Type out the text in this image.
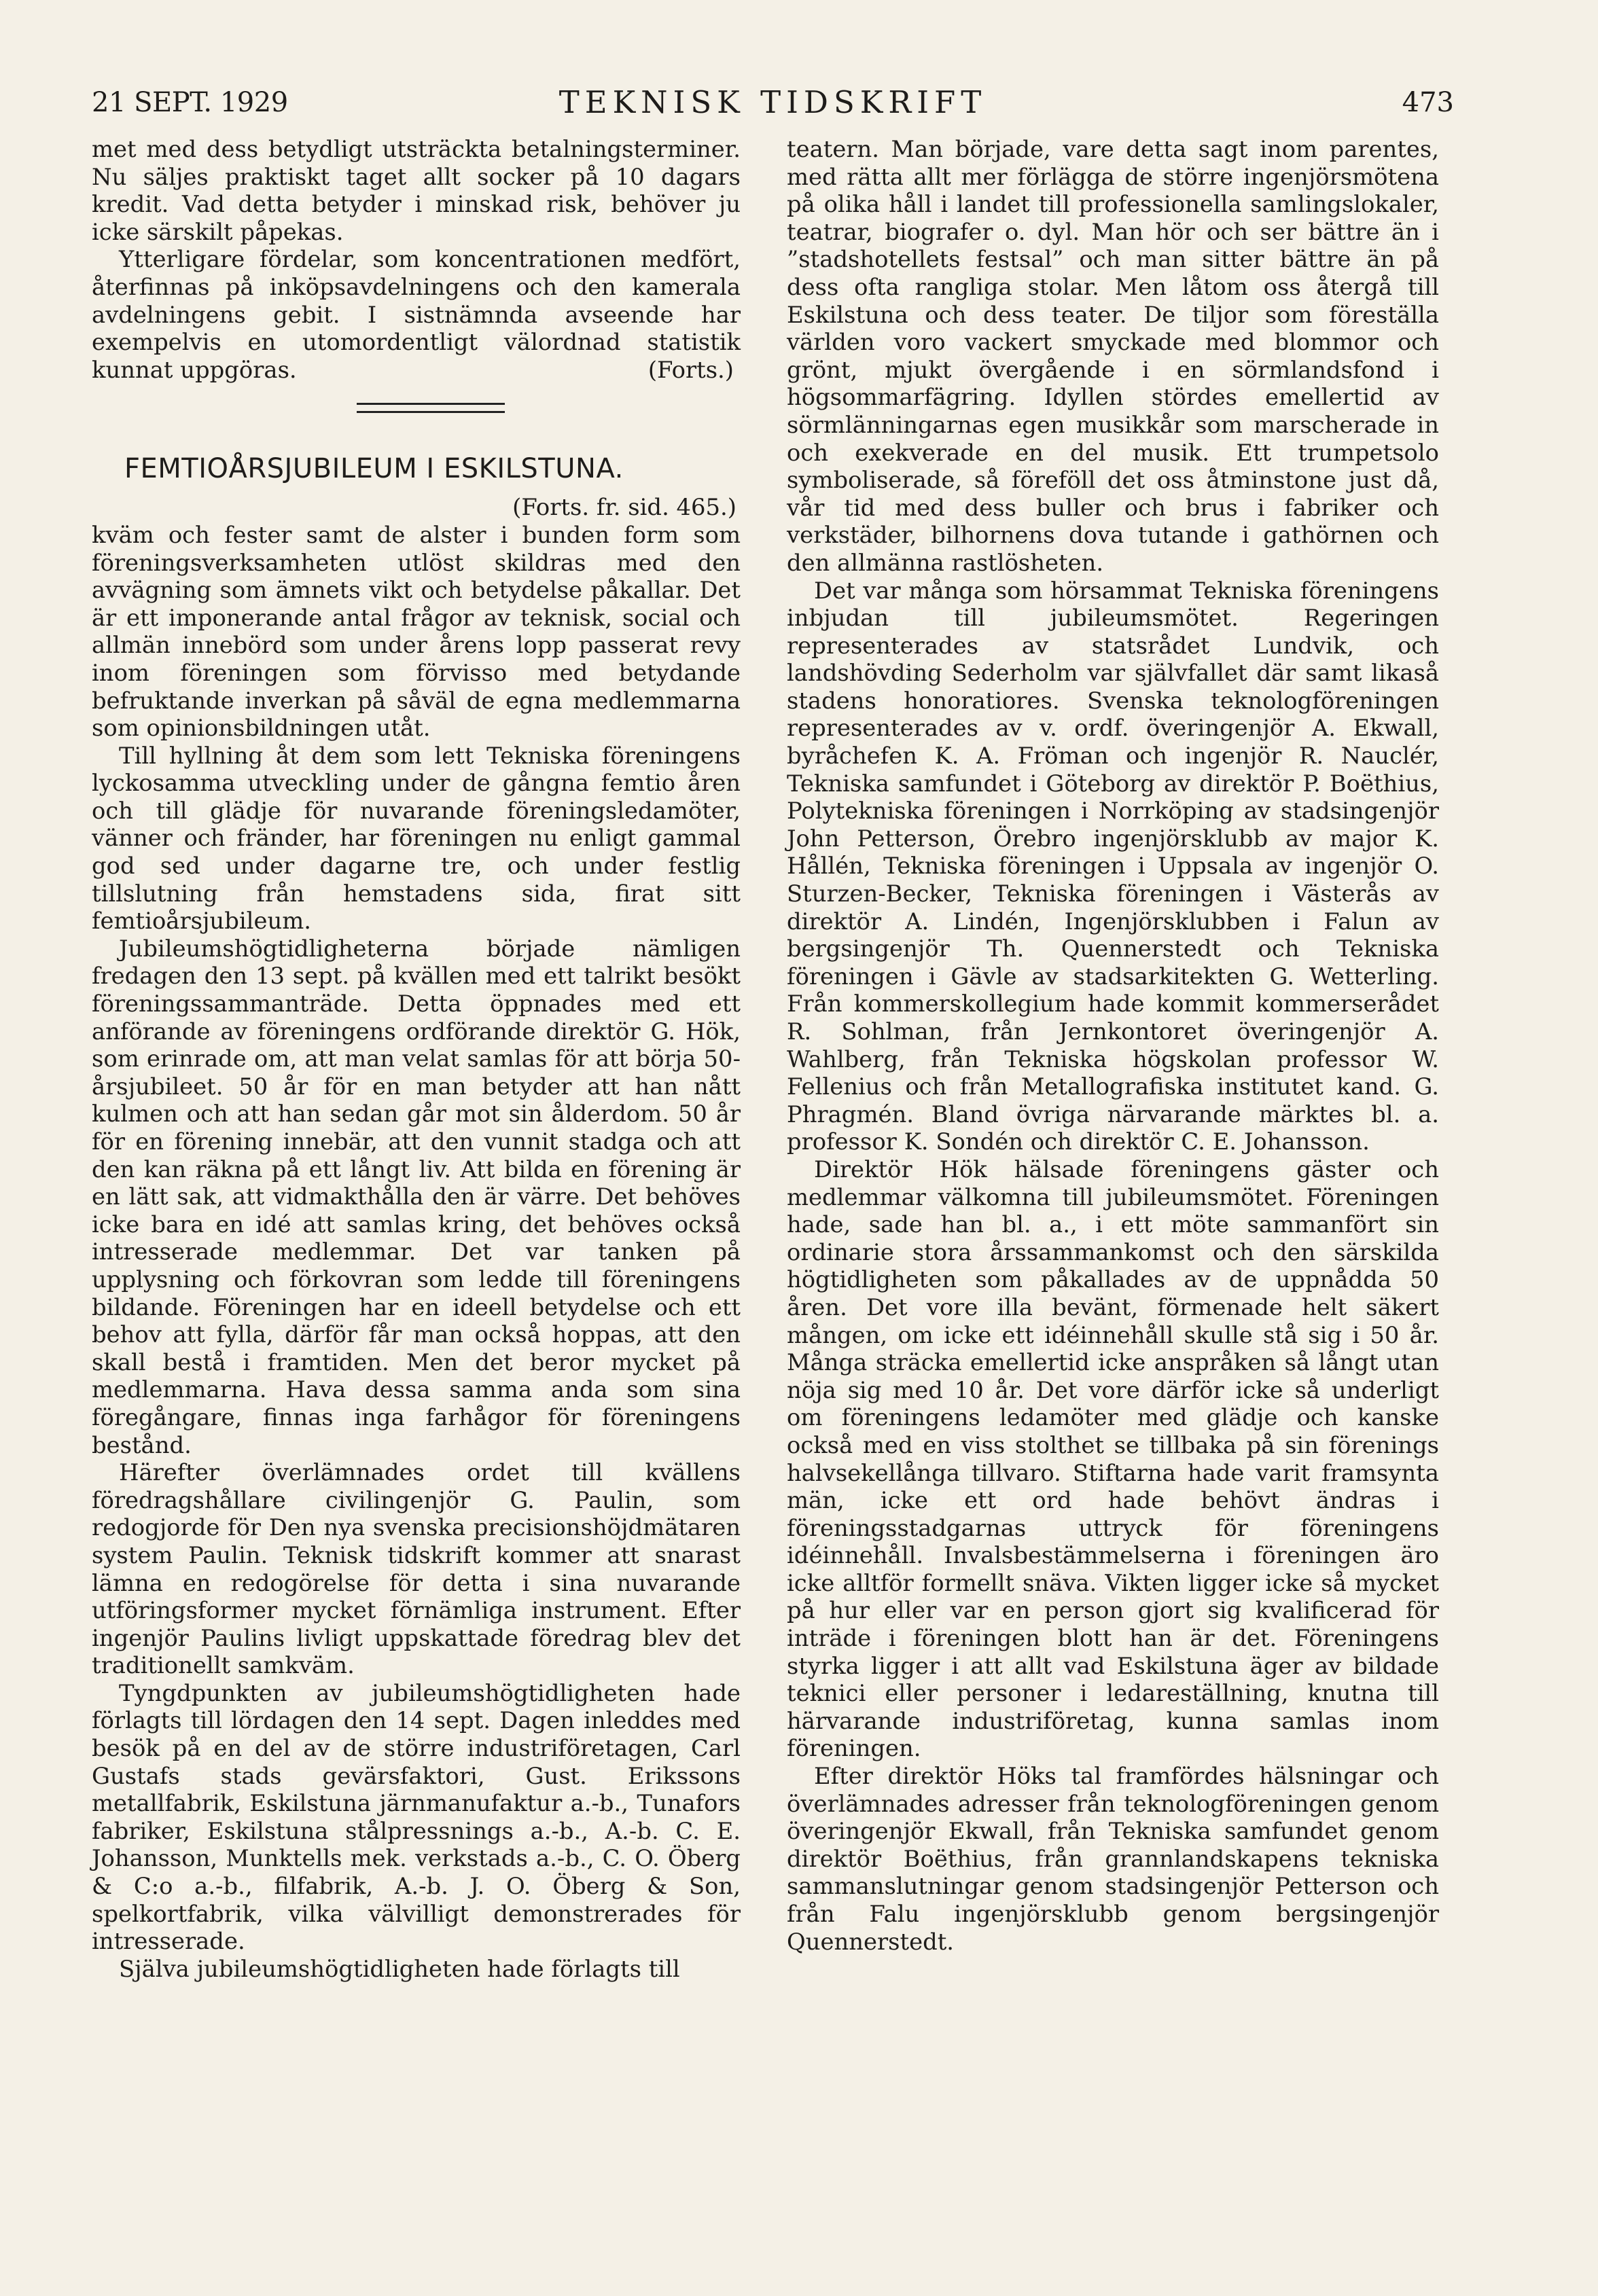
21 SEPT. 1929	TEKNISK TIDSKRIFT	473

met med dess betydligt utsträckta betalningsterminer. Nu säljes praktiskt taget allt socker på 10 dagars kredit. Vad detta betyder i minskad risk, behöver ju icke särskilt påpekas.

Ytterligare fördelar, som koncentrationen medfört, återfinnas på inköpsavdelningens och den kamerala avdelningens gebit. I sistnämnda avseende har exempelvis en utomordentligt välordnad statistik kunnat uppgöras.	(Forts.)
FEMTIOÅRSJUBILEUM I ESKILSTUNA.

(Forts. fr. sid. 465.)

kväm och fester samt de alster i bunden form som föreningsverksamheten utlöst skildras med den avvägning som ämnets vikt och betydelse påkallar. Det är ett imponerande antal frågor av teknisk, social och allmän innebörd som under årens lopp passerat revy inom föreningen som förvisso med betydande befruktande inverkan på såväl de egna medlemmarna som opinionsbildningen utåt.

Till hyllning åt dem som lett Tekniska föreningens lyckosamma utveckling under de gångna femtio åren och till glädje för nuvarande föreningsledamöter, vänner och fränder, har föreningen nu enligt gammal god sed under dagarne tre, och under festlig tillslutning från hemstadens sida, firat sitt femtioårsjubileum.

Jubileumshögtidligheterna började nämligen fredagen den 13 sept. på kvällen med ett talrikt besökt föreningssammanträde. Detta öppnades med ett anförande av föreningens ordförande direktör G. Hök, som erinrade om, att man velat samlas för att börja 50-årsjubileet. 50 år för en man betyder att han nått kulmen och att han sedan går mot sin ålderdom. 50 år för en förening innebär, att den vunnit stadga och att den kan räkna på ett långt liv. Att bilda en förening är en lätt sak, att vidmakthålla den är värre. Det behöves icke bara en idé att samlas kring, det behöves också intresserade medlemmar. Det var tanken på upplysning och förkovran som ledde till föreningens bildande. Föreningen har en ideell betydelse och ett behov att fylla, därför får man också hoppas, att den skall bestå i framtiden. Men det beror mycket på medlemmarna. Hava dessa samma anda som sina föregångare, finnas inga farhågor för föreningens bestånd.

Härefter överlämnades ordet till kvällens föredragshållare civilingenjör G. Paulin, som redogjorde för Den nya svenska precisionshöjdmätaren system Paulin. Teknisk tidskrift kommer att snarast lämna en redogörelse för detta i sina nuvarande utföringsformer mycket förnämliga instrument. Efter ingenjör Paulins livligt uppskattade föredrag blev det traditionellt samkväm.

Tyngdpunkten av jubileumshögtidligheten hade förlagts till lördagen den 14 sept. Dagen inleddes med besök på en del av de större industriföretagen, Carl Gustafs stads gevärsfaktori, Gust. Erikssons metallfabrik, Eskilstuna järnmanufaktur a.-b., Tunafors fabriker, Eskilstuna stålpressnings a.-b., A.-b. C. E. Johansson, Munktells mek. verkstads a.-b., C. O. Öberg & C:o a.-b., filfabrik, A.-b. J. O. Öberg & Son, spelkortfabrik, vilka välvilligt demonstrerades för intresserade.

Själva jubileumshögtidligheten hade förlagts till

teatern. Man började, vare detta sagt inom parentes, med rätta allt mer förlägga de större ingenjörsmötena på olika håll i landet till professionella samlingslokaler, teatrar, biografer o. dyl. Man hör och ser bättre än i ”stadshotellets festsal” och man sitter bättre än på dess ofta rangliga stolar. Men låtom oss återgå till Eskilstuna och dess teater. De tiljor som föreställa världen voro vackert smyckade med blommor och grönt, mjukt övergående i en sörmlandsfond i högsommarfägring. Idyllen stördes emellertid av sörmlänningarnas egen musikkår som marscherade in och exekverade en del musik. Ett trumpetsolo symboliserade, så föreföll det oss åtminstone just då, vår tid med dess buller och brus i fabriker och verkstäder, bilhornens dova tutande i gathörnen och den allmänna rastlösheten.

Det var många som hörsammat Tekniska föreningens inbjudan till jubileumsmötet. Regeringen representerades av statsrådet Lundvik, och landshövding Sederholm var självfallet där samt likaså stadens honoratiores. Svenska teknologföreningen representerades av v. ordf. överingenjör A. Ekwall, byråchefen K. A. Fröman och ingenjör R. Nauclér, Tekniska samfundet i Göteborg av direktör P. Boëthius, Polytekniska föreningen i Norrköping av stadsingenjör John Petterson, Örebro ingenjörsklubb av major K. Hållén, Tekniska föreningen i Uppsala av ingenjör O. Sturzen-Becker, Tekniska föreningen i Västerås av direktör A. Lindén, Ingenjörsklubben i Falun av bergsingenjör Th. Quennerstedt och Tekniska föreningen i Gävle av stadsarkitekten G. Wetterling. Från kommerskollegium hade kommit kommerserådet R. Sohlman, från Jernkontoret överingenjör A. Wahlberg, från Tekniska högskolan professor W. Fellenius och från Metallografiska institutet kand. G. Phragmén. Bland övriga närvarande märktes bl. a. professor K. Sondén och direktör C. E. Johansson.

Direktör Hök hälsade föreningens gäster och medlemmar välkomna till jubileumsmötet. Föreningen hade, sade han bl. a., i ett möte sammanfört sin ordinarie stora årssammankomst och den särskilda högtidligheten som påkallades av de uppnådda 50 åren. Det vore illa bevänt, förmenade helt säkert mången, om icke ett idéinnehåll skulle stå sig i 50 år. Många sträcka emellertid icke anspråken så långt utan nöja sig med 10 år. Det vore därför icke så underligt om föreningens ledamöter med glädje och kanske också med en viss stolthet se tillbaka på sin förenings halvsekellånga tillvaro. Stiftarna hade varit framsynta män, icke ett ord hade behövt ändras i föreningsstadgarnas uttryck för föreningens idéinnehåll. Invalsbestämmelserna i föreningen äro icke alltför formellt snäva. Vikten ligger icke så mycket på hur eller var en person gjort sig kvalificerad för inträde i föreningen blott han är det. Föreningens styrka ligger i att allt vad Eskilstuna äger av bildade teknici eller personer i ledareställning, knutna till härvarande industriföretag, kunna samlas inom föreningen.

Efter direktör Höks tal framfördes hälsningar och överlämnades adresser från teknologföreningen genom överingenjör Ekwall, från Tekniska samfundet genom direktör Boëthius, från grannlandskapens tekniska sammanslutningar genom stadsingenjör Petterson och från Falu ingenjörsklubb genom bergsingenjör Quennerstedt.
